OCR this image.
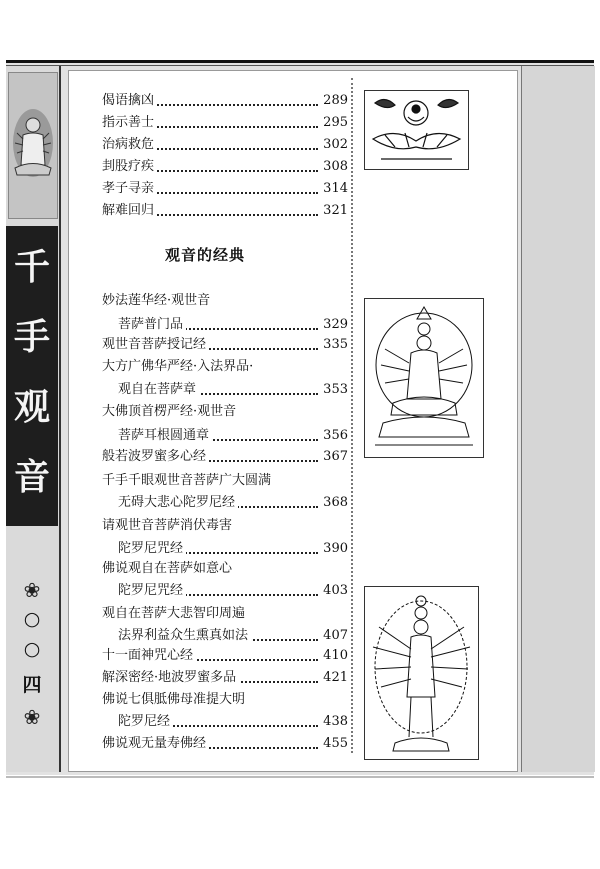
千
手
观
音
❀
○
○
四
❀
偈语擒凶	289
指示善士	295
治病救危	302
刲股疗疾	308
孝子寻亲	314
解难回归	321
观音的经典
妙法莲华经·观世音
菩萨普门品	329
观世音菩萨授记经	335
大方广佛华严经·入法界品·
观自在菩萨章	353
大佛顶首楞严经·观世音
菩萨耳根圆通章	356
般若波罗蜜多心经	367
千手千眼观世音菩萨广大圆满
无碍大悲心陀罗尼经	368
请观世音菩萨消伏毒害
陀罗尼咒经	390
佛说观自在菩萨如意心
陀罗尼咒经	403
观自在菩萨大悲智印周遍
法界利益众生熏真如法	407
十一面神咒心经	410
解深密经·地波罗蜜多品	421
佛说七俱胝佛母准提大明
陀罗尼经	438
佛说观无量寿佛经	455
